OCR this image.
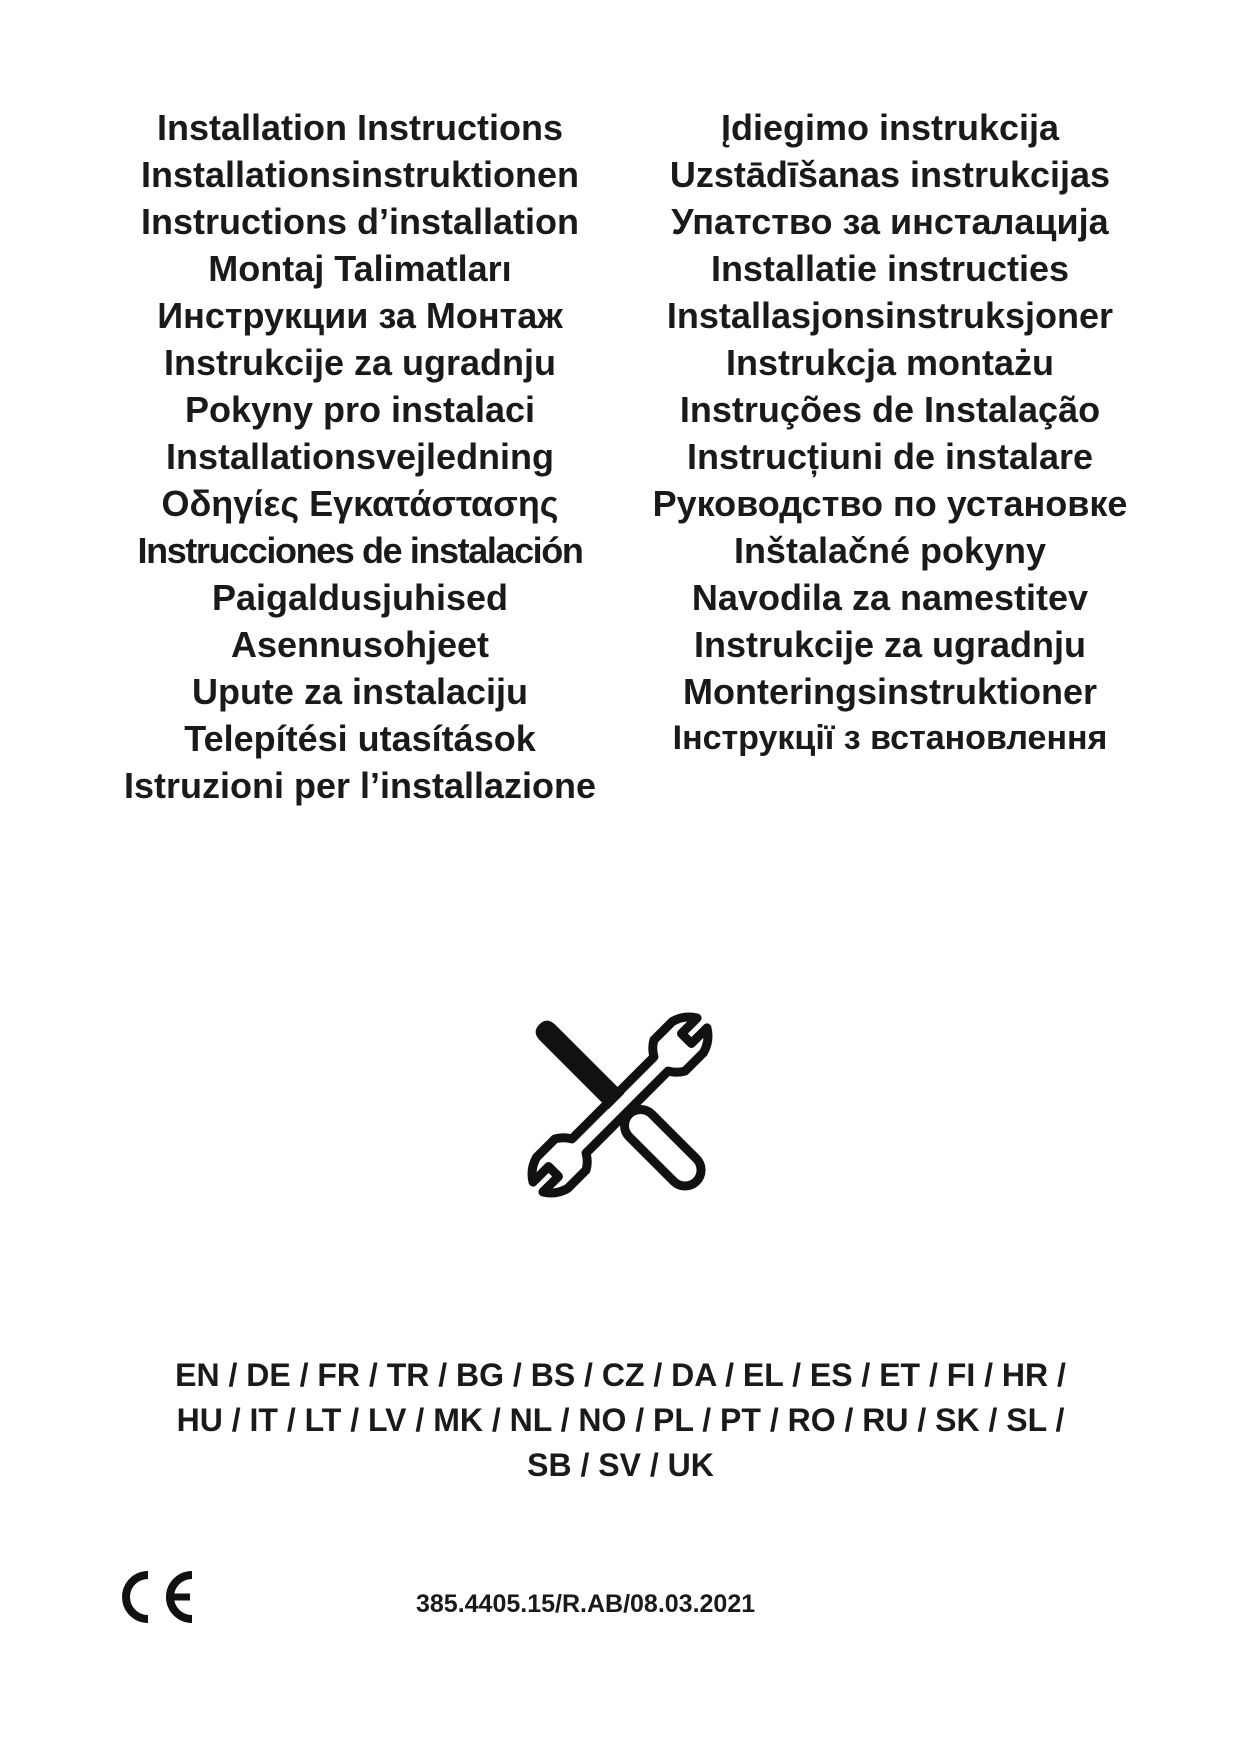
Installation Instructions
Installationsinstruktionen
Instructions d’installation
Montaj Talimatları
Инструкции за Монтаж
Instrukcije za ugradnju
Pokyny pro instalaci
Installationsvejledning
Οδηγίες Εγκατάστασης
Instrucciones de instalación
Paigaldusjuhised
Asennusohjeet
Upute za instalaciju
Telepítési utasítások
Istruzioni per l’installazione
Įdiegimo instrukcija
Uzstādīšanas instrukcijas
Упатство за инсталација
Installatie instructies
Installasjonsinstruksjoner
Instrukcja montażu
Instruções de Instalação
Instrucțiuni de instalare
Руководство по установке
Inštalačné pokyny
Navodila za namestitev
Instrukcije za ugradnju
Monteringsinstruktioner
Інструкції з встановлення
EN / DE / FR / TR / BG / BS / CZ / DA / EL / ES / ET / FI / HR /
HU / IT / LT / LV / MK / NL / NO / PL / PT / RO / RU / SK / SL /
SB / SV / UK
385.4405.15/R.AB/08.03.2021
